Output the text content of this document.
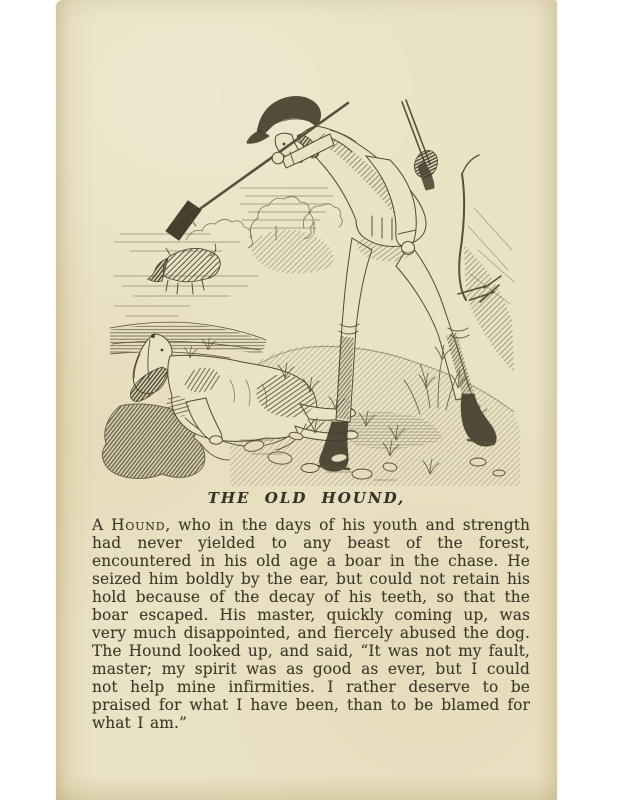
THE OLD HOUND,

A Hound, who in the days of his youth and strength had never yielded to any beast of the forest, encountered in his old age a boar in the chase. He seized him boldly by the ear, but could not retain his hold because of the decay of his teeth, so that the boar escaped. His master, quickly coming up, was very much disappointed, and fiercely abused the dog. The Hound looked up, and said, “It was not my fault, master; my spirit was as good as ever, but I could not help mine infirmities. I rather deserve to be praised for what I have been, than to be blamed for what I am.”
